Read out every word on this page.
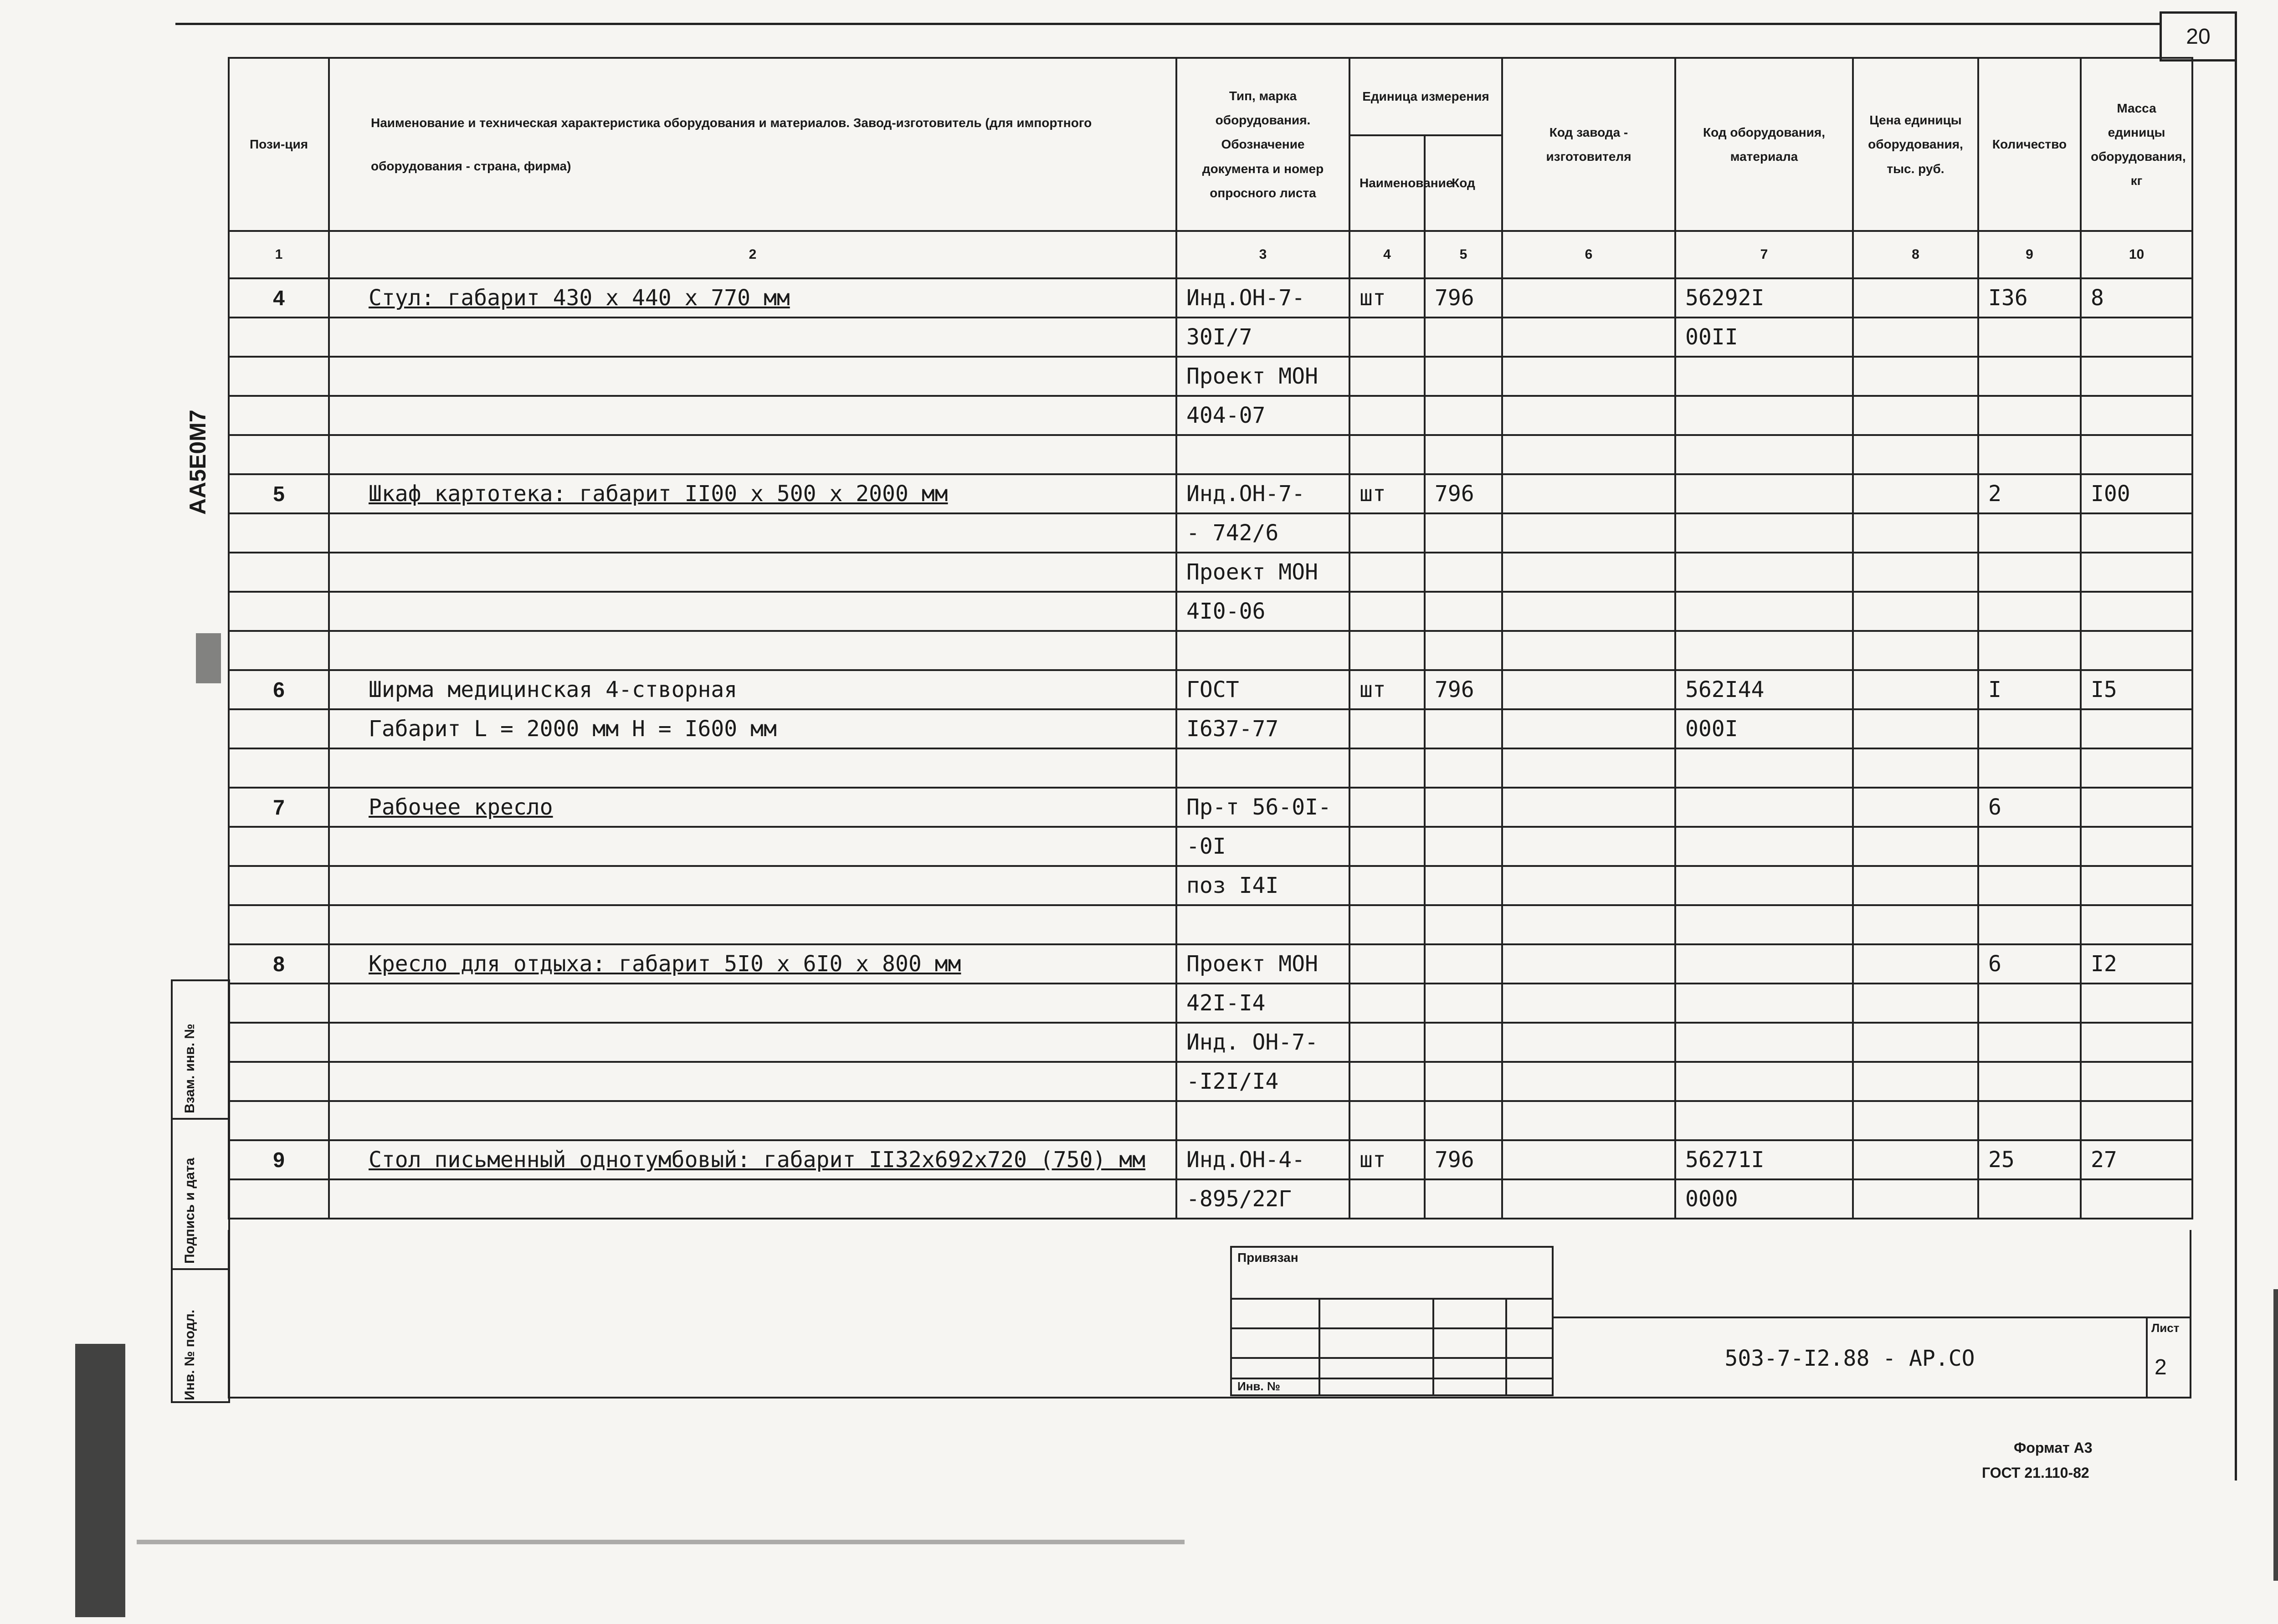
20
AA5E0M7
Пози-ция	Наименование и техническая характеристика оборудования и материалов. Завод-изготовитель (для импортного оборудования - страна, фирма)	Тип, марка оборудования. Обозначение документа и номер опросного листа	Единица измерения		Код завода - изготовителя	Код оборудования, материала	Цена единицы оборудования, тыс. руб.	Количество	Масса единицы оборудования, кг
			Наименование	Код					
1	2	3	4	5	6	7	8	9	10
4	Стул: габарит 430 х 440 х 770 мм	Инд.ОН-7-	шт	796		56292I		I36	8
		30I/7				00II			
		Проект МОН							
		404-07							

5	Шкаф картотека: габарит II00 х 500 х 2000 мм	Инд.ОН-7-	шт	796				2	I00
		- 742/6							
		Проект МОН							
		4I0-06							

6	Ширма медицинская 4-створная	ГОСТ	шт	796		562I44		I	I5
	Габарит L = 2000 мм H = I600 мм	I637-77				000I			

7	Рабочее кресло	Пр-т 56-0I-						6	
		-0I							
		поз I4I							

8	Кресло для отдыха: габарит 5I0 х 6I0 х 800 мм	Проект МОН						6	I2
		42I-I4							
		Инд. ОН-7-							
		-I2I/I4							

9	Стол письменный однотумбовый: габарит II32х692х720 (750) мм	Инд.ОН-4-	шт	796		56271I		25	27
		-895/22Г				0000			
Взам. инв. №
Подпись и дата
Инв. № подл.
Привязан
Инв. №
503-7-I2.88 - АР.СО
Лист
2
Формат А3
ГОСТ 21.110-82
